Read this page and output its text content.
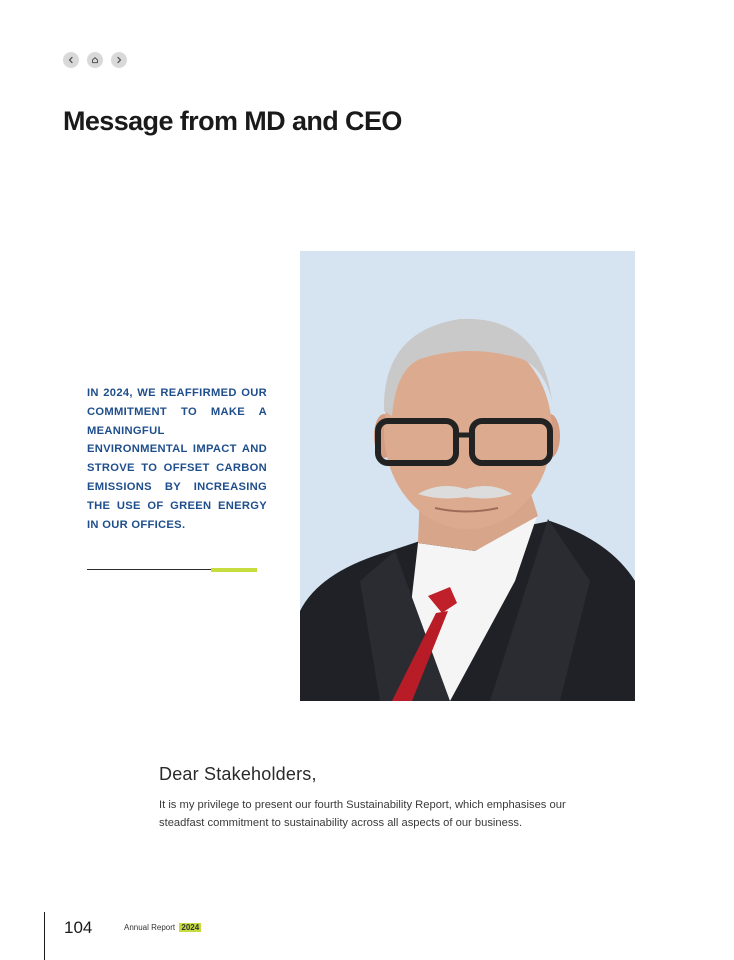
Message from MD and CEO

IN 2024, WE REAFFIRMED OUR COMMITMENT TO MAKE A MEANINGFUL ENVIRONMENTAL IMPACT AND STROVE TO OFFSET CARBON EMISSIONS BY INCREASING THE USE OF GREEN ENERGY IN OUR OFFICES.

Dear Stakeholders,

It is my privilege to present our fourth Sustainability Report, which emphasises our steadfast commitment to sustainability across all aspects of our business.

104	Annual Report 2024
